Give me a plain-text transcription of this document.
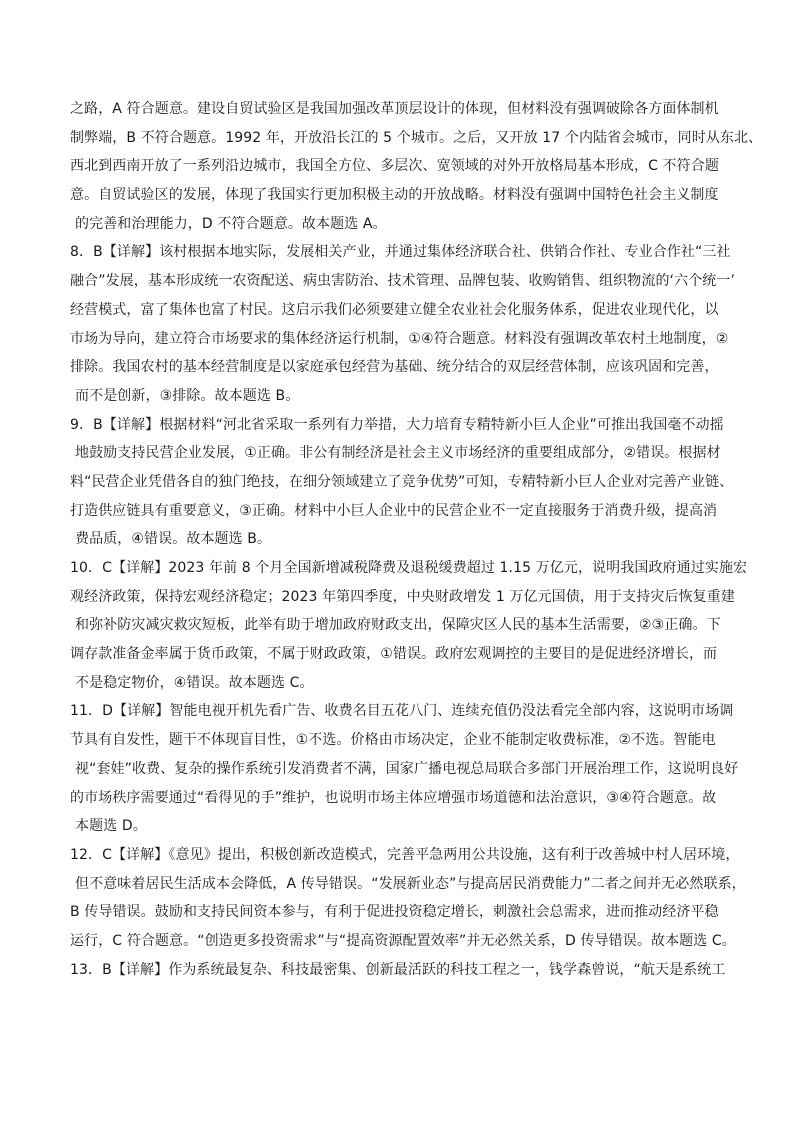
之路，A 符合题意。建设自贸试验区是我国加强改革顶层设计的体现，但材料没有强调破除各方面体制机
制弊端，B 不符合题意。1992 年，开放沿长江的 5 个城市。之后，又开放 17 个内陆省会城市，同时从东北、
西北到西南开放了一系列沿边城市，我国全方位、多层次、宽领域的对外开放格局基本形成，C 不符合题
意。自贸试验区的发展，体现了我国实行更加积极主动的开放战略。材料没有强调中国特色社会主义制度
的完善和治理能力，D 不符合题意。故本题选 A。
8．B【详解】该村根据本地实际，发展相关产业，并通过集体经济联合社、供销合作社、专业合作社“三社
融合”发展，基本形成统一农资配送、病虫害防治、技术管理、品牌包装、收购销售、组织物流的‘六个统一’
经营模式，富了集体也富了村民。这启示我们必须要建立健全农业社会化服务体系，促进农业现代化，以
市场为导向，建立符合市场要求的集体经济运行机制，①④符合题意。材料没有强调改革农村土地制度，②
排除。我国农村的基本经营制度是以家庭承包经营为基础、统分结合的双层经营体制，应该巩固和完善，
而不是创新，③排除。故本题选 B。
9．B【详解】根据材料“河北省采取一系列有力举措，大力培育专精特新小巨人企业”可推出我国毫不动摇
地鼓励支持民营企业发展，①正确。非公有制经济是社会主义市场经济的重要组成部分，②错误。根据材
料“民营企业凭借各自的独门绝技，在细分领域建立了竞争优势”可知，专精特新小巨人企业对完善产业链、
打造供应链具有重要意义，③正确。材料中小巨人企业中的民营企业不一定直接服务于消费升级，提高消
费品质，④错误。故本题选 B。
10．C【详解】2023 年前 8 个月全国新增减税降费及退税缓费超过 1.15 万亿元，说明我国政府通过实施宏
观经济政策，保持宏观经济稳定；2023 年第四季度，中央财政增发 1 万亿元国债，用于支持灾后恢复重建
和弥补防灾减灾救灾短板，此举有助于增加政府财政支出，保障灾区人民的基本生活需要，②③正确。下
调存款准备金率属于货币政策，不属于财政政策，①错误。政府宏观调控的主要目的是促进经济增长，而
不是稳定物价，④错误。故本题选 C。
11．D【详解】智能电视开机先看广告、收费名目五花八门、连续充值仍没法看完全部内容，这说明市场调
节具有自发性，题干不体现盲目性，①不选。价格由市场决定，企业不能制定收费标准，②不选。智能电
视“套娃”收费、复杂的操作系统引发消费者不满，国家广播电视总局联合多部门开展治理工作，这说明良好
的市场秩序需要通过“看得见的手”维护，也说明市场主体应增强市场道德和法治意识，③④符合题意。故
本题选 D。
12．C【详解】《意见》提出，积极创新改造模式，完善平急两用公共设施，这有利于改善城中村人居环境，
但不意味着居民生活成本会降低，A 传导错误。“发展新业态”与提高居民消费能力”二者之间并无必然联系，
B 传导错误。鼓励和支持民间资本参与，有利于促进投资稳定增长，刺激社会总需求，进而推动经济平稳
运行，C 符合题意。“创造更多投资需求”与“提高资源配置效率”并无必然关系，D 传导错误。故本题选 C。
13．B【详解】作为系统最复杂、科技最密集、创新最活跃的科技工程之一，钱学森曾说，“航天是系统工
